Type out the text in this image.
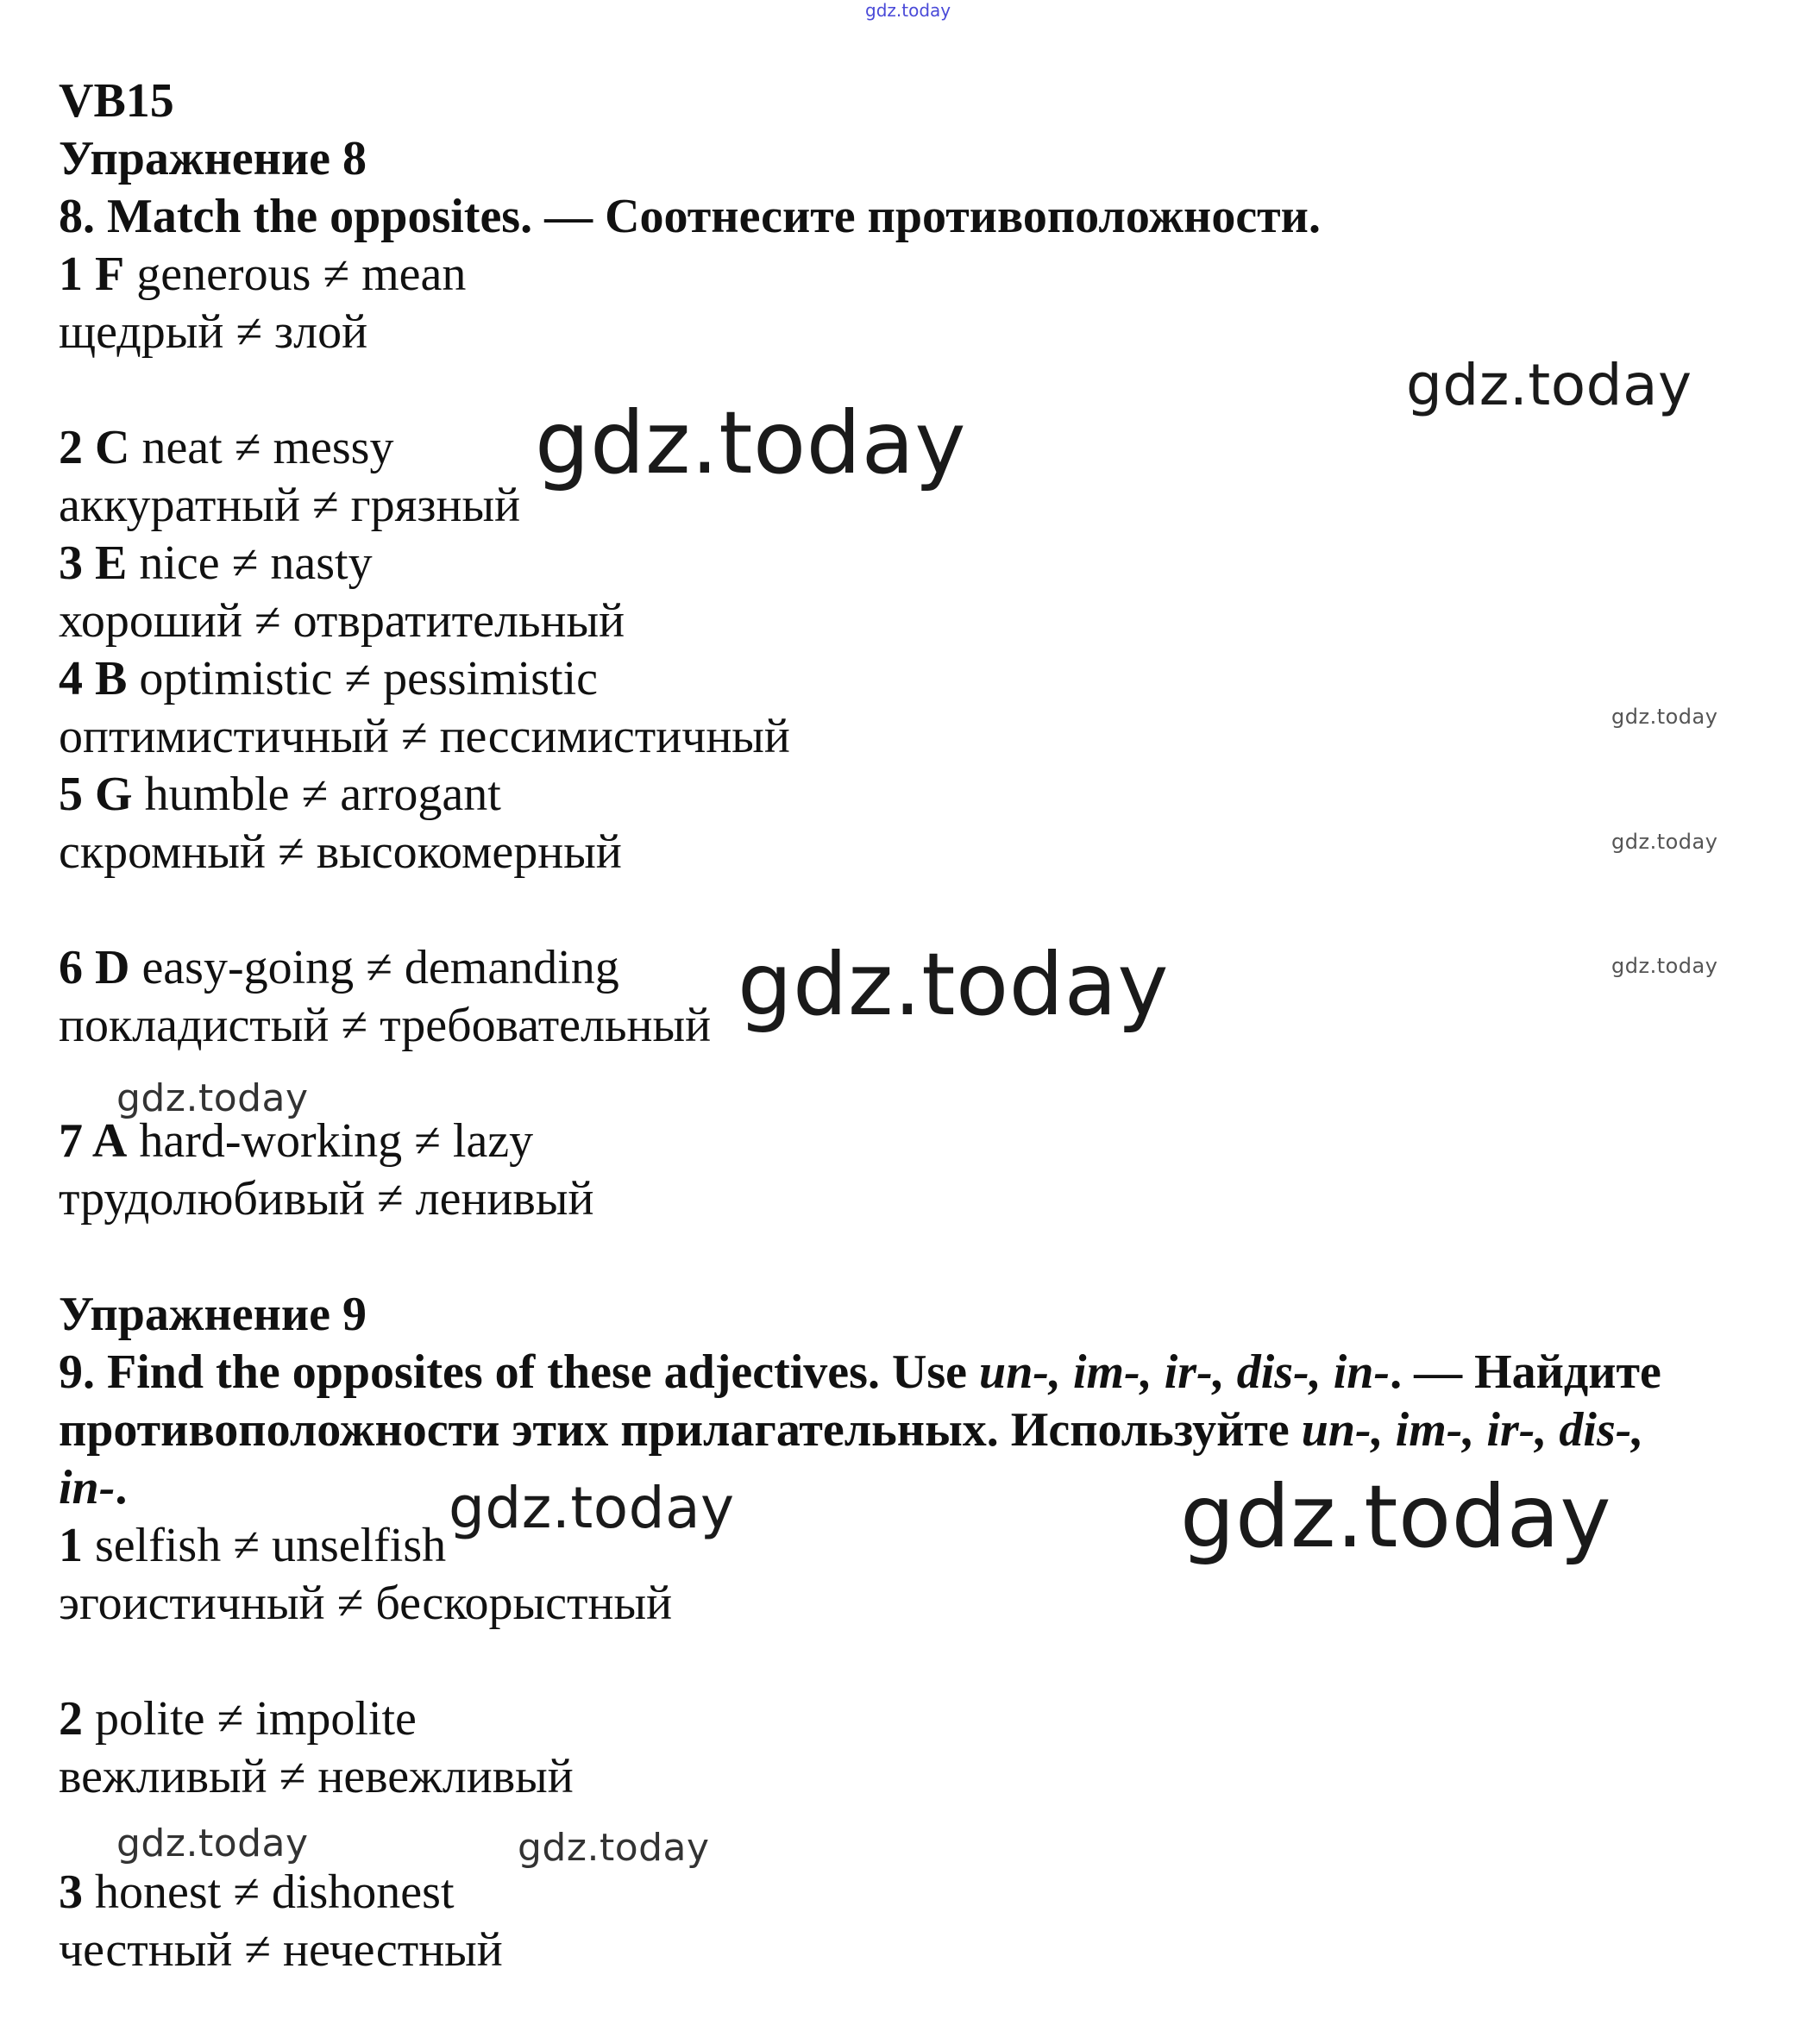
gdz.today
gdz.today
gdz.today
gdz.today
gdz.today
gdz.today	gdz.today
gdz.today
gdz.today	gdz.today
gdz.today	gdz.today
VB15
Упражнение 8
8. Match the opposites. — Соотнесите противоположности.
1 F generous ≠ mean
щедрый ≠ злой
2 C neat ≠ messy
аккуратный ≠ грязный
3 E nice ≠ nasty
хороший ≠ отвратительный
4 B optimistic ≠ pessimistic
оптимистичный ≠ пессимистичный
5 G humble ≠ arrogant
скромный ≠ высокомерный
6 D easy-going ≠ demanding
покладистый ≠ требовательный
7 A hard-working ≠ lazy
трудолюбивый ≠ ленивый
Упражнение 9
9. Find the opposites of these adjectives. Use un-, im-, ir-, dis-, in-. — Найдите
противоположности этих прилагательных. Используйте un-, im-, ir-, dis-,
in-.
1 selfish ≠ unselfish
эгоистичный ≠ бескорыстный
2 polite ≠ impolite
вежливый ≠ невежливый
3 honest ≠ dishonest
честный ≠ нечестный
